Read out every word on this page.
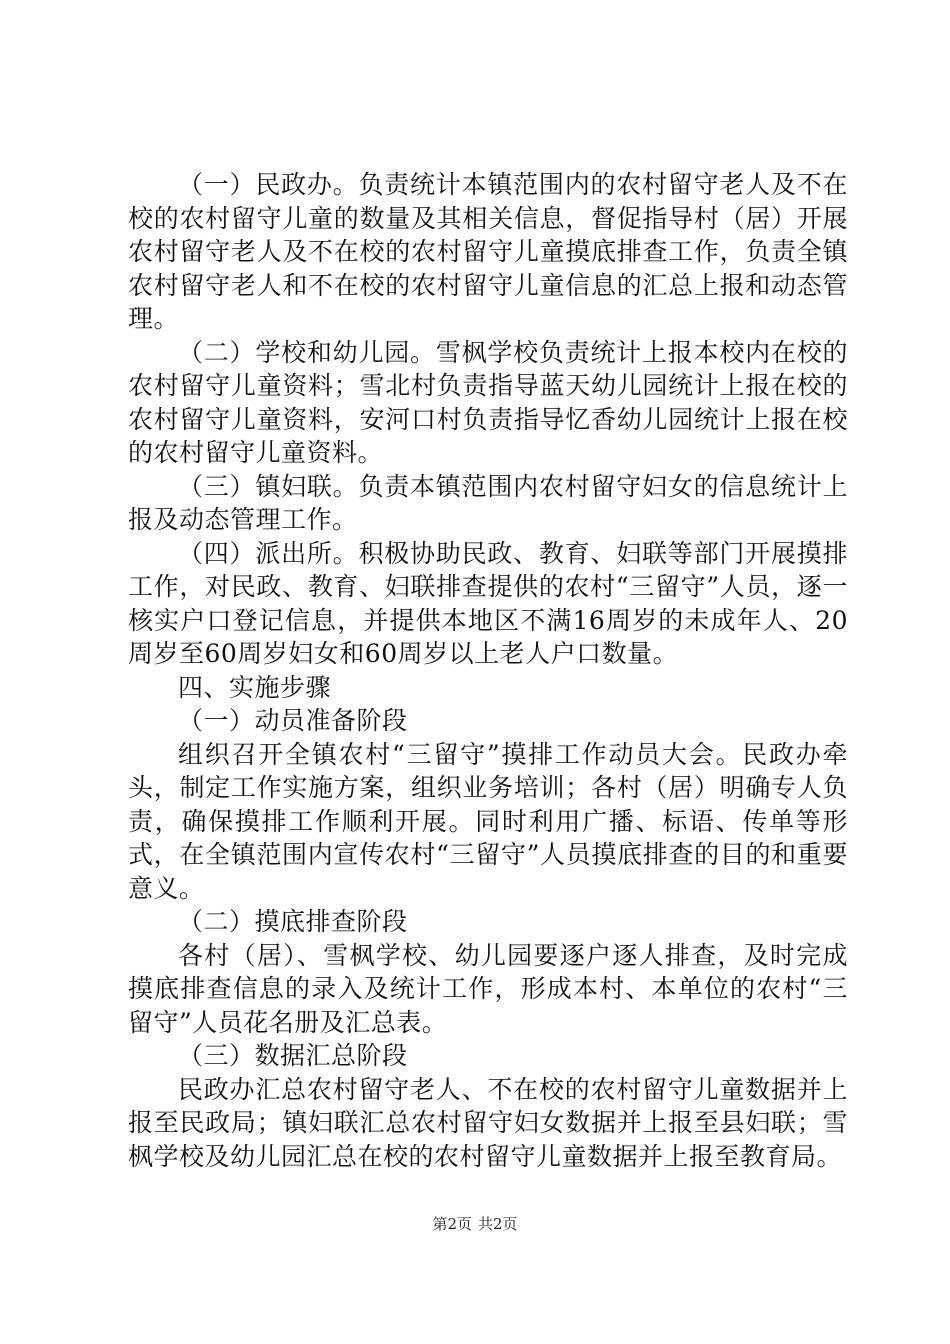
（一）民政办。负责统计本镇范围内的农村留守老人及不在校的农村留守儿童的数量及其相关信息，督促指导村（居）开展农村留守老人及不在校的农村留守儿童摸底排查工作，负责全镇农村留守老人和不在校的农村留守儿童信息的汇总上报和动态管理。

（二）学校和幼儿园。雪枫学校负责统计上报本校内在校的农村留守儿童资料；雪北村负责指导蓝天幼儿园统计上报在校的农村留守儿童资料，安河口村负责指导忆香幼儿园统计上报在校的农村留守儿童资料。

（三）镇妇联。负责本镇范围内农村留守妇女的信息统计上报及动态管理工作。

（四）派出所。积极协助民政、教育、妇联等部门开展摸排工作，对民政、教育、妇联排查提供的农村“三留守”人员，逐一核实户口登记信息，并提供本地区不满16周岁的未成年人、20周岁至60周岁妇女和60周岁以上老人户口数量。

四、实施步骤

（一）动员准备阶段

组织召开全镇农村“三留守”摸排工作动员大会。民政办牵头，制定工作实施方案，组织业务培训；各村（居）明确专人负责，确保摸排工作顺利开展。同时利用广播、标语、传单等形式，在全镇范围内宣传农村“三留守”人员摸底排查的目的和重要意义。

（二）摸底排查阶段

各村（居）、雪枫学校、幼儿园要逐户逐人排查，及时完成摸底排查信息的录入及统计工作，形成本村、本单位的农村“三留守”人员花名册及汇总表。

（三）数据汇总阶段

民政办汇总农村留守老人、不在校的农村留守儿童数据并上报至民政局；镇妇联汇总农村留守妇女数据并上报至县妇联；雪枫学校及幼儿园汇总在校的农村留守儿童数据并上报至教育局。

第2页 共2页
